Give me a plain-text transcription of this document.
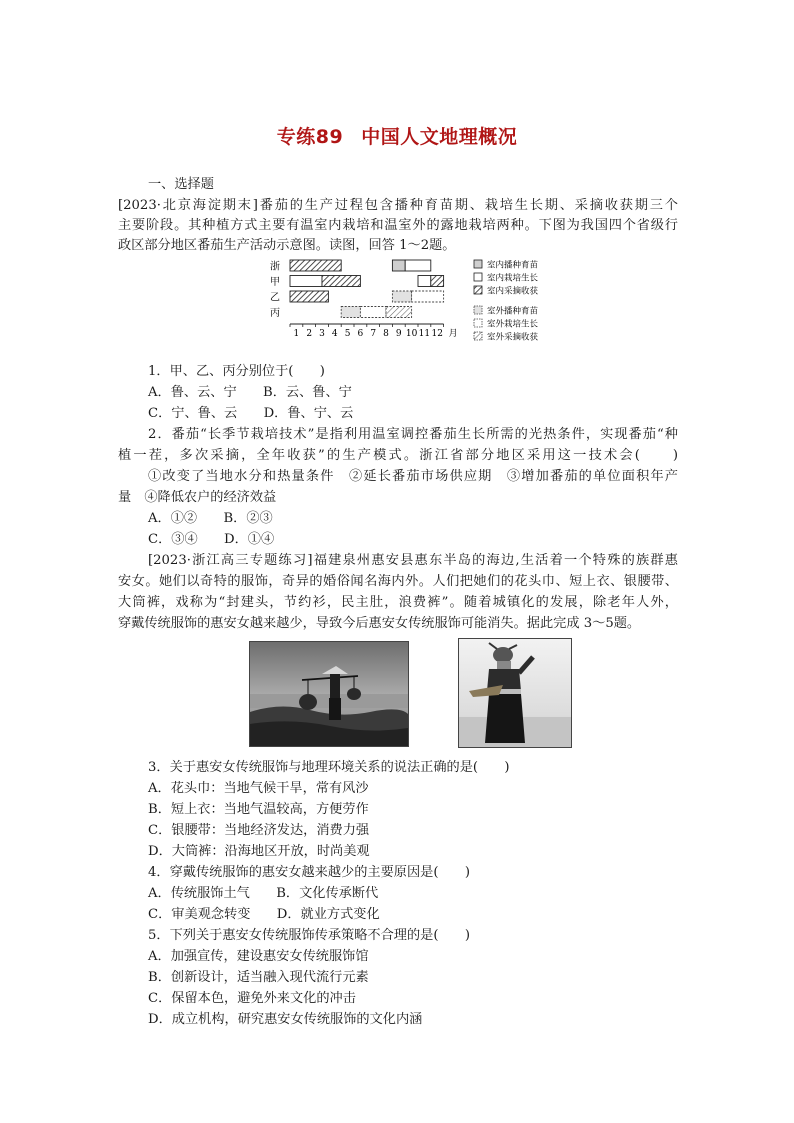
专练89 中国人文地理概况
一、选择题
[2023·北京海淀期末]番茄的生产过程包含播种育苗期、栽培生长期、采摘收获期三个
主要阶段。其种植方式主要有温室内栽培和温室外的露地栽培两种。下图为我国四个省级行
政区部分地区番茄生产活动示意图。读图，回答 1～2题。
浙
甲
乙
丙
1 2 3 4 5 6 7 8 9 10 11 12 月
室内播种育苗
室内栽培生长
室内采摘收获
室外播种育苗
室外栽培生长
室外采摘收获
1．甲、乙、丙分别位于(　　)
A．鲁、云、宁　　B．云、鲁、宁
C．宁、鲁、云　　D．鲁、宁、云
2．番茄“长季节栽培技术”是指利用温室调控番茄生长所需的光热条件，实现番茄“种
植一茬，多次采摘，全年收获”的生产模式。浙江省部分地区采用这一技术会(　　)
①改变了当地水分和热量条件　②延长番茄市场供应期　③增加番茄的单位面积年产
量　④降低农户的经济效益
A．①②　　B．②③
C．③④　　D．①④
[2023·浙江高三专题练习]福建泉州惠安县惠东半岛的海边,生活着一个特殊的族群惠
安女。她们以奇特的服饰，奇异的婚俗闻名海内外。人们把她们的花头巾、短上衣、银腰带、
大筒裤，戏称为“封建头，节约衫，民主肚，浪费裤”。随着城镇化的发展，除老年人外，
穿戴传统服饰的惠安女越来越少，导致今后惠安女传统服饰可能消失。据此完成 3～5题。
3．关于惠安女传统服饰与地理环境关系的说法正确的是(　　)
A．花头巾：当地气候干旱，常有风沙
B．短上衣：当地气温较高，方便劳作
C．银腰带：当地经济发达，消费力强
D．大筒裤：沿海地区开放，时尚美观
4．穿戴传统服饰的惠安女越来越少的主要原因是(　　)
A．传统服饰土气　　B．文化传承断代
C．审美观念转变　　D．就业方式变化
5．下列关于惠安女传统服饰传承策略不合理的是(　　)
A．加强宣传，建设惠安女传统服饰馆
B．创新设计，适当融入现代流行元素
C．保留本色，避免外来文化的冲击
D．成立机构，研究惠安女传统服饰的文化内涵
